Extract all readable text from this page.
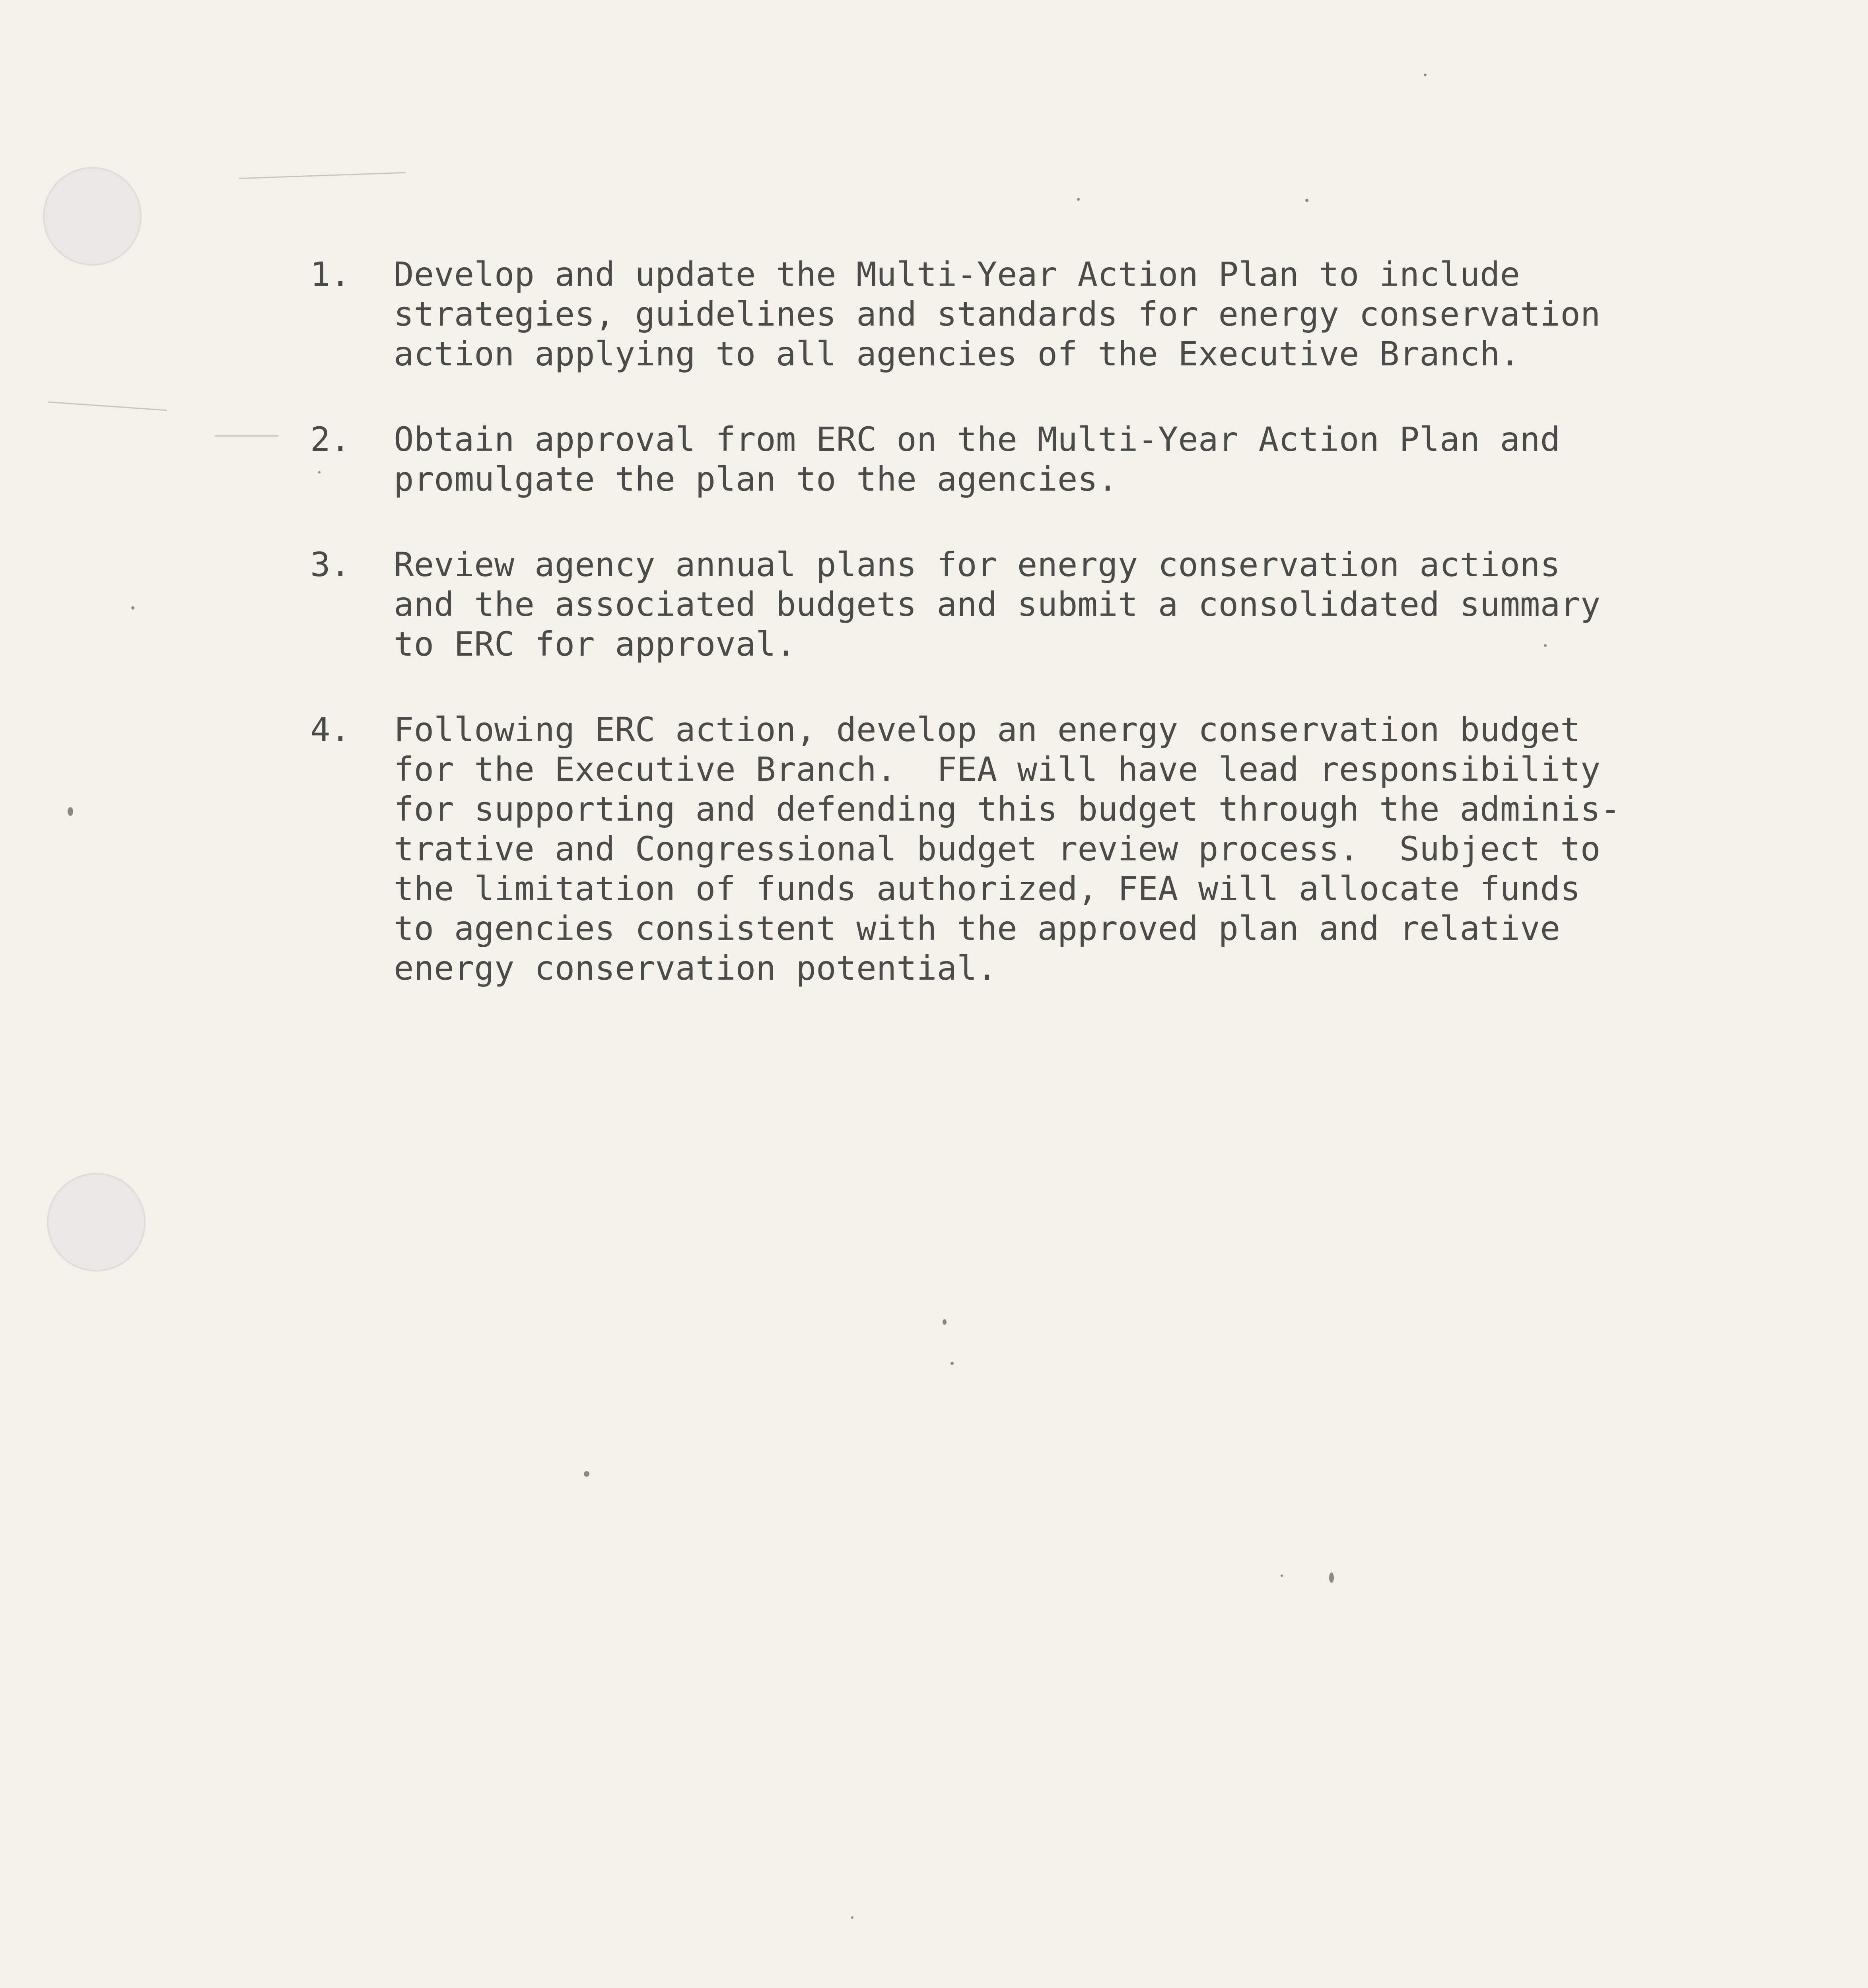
1. Develop and update the Multi-Year Action Plan to include
strategies, guidelines and standards for energy conservation
action applying to all agencies of the Executive Branch.
2. Obtain approval from ERC on the Multi-Year Action Plan and
promulgate the plan to the agencies.
3. Review agency annual plans for energy conservation actions
and the associated budgets and submit a consolidated summary
to ERC for approval.
4. Following ERC action, develop an energy conservation budget
for the Executive Branch.  FEA will have lead responsibility
for supporting and defending this budget through the adminis-
trative and Congressional budget review process.  Subject to
the limitation of funds authorized, FEA will allocate funds
to agencies consistent with the approved plan and relative
energy conservation potential.
